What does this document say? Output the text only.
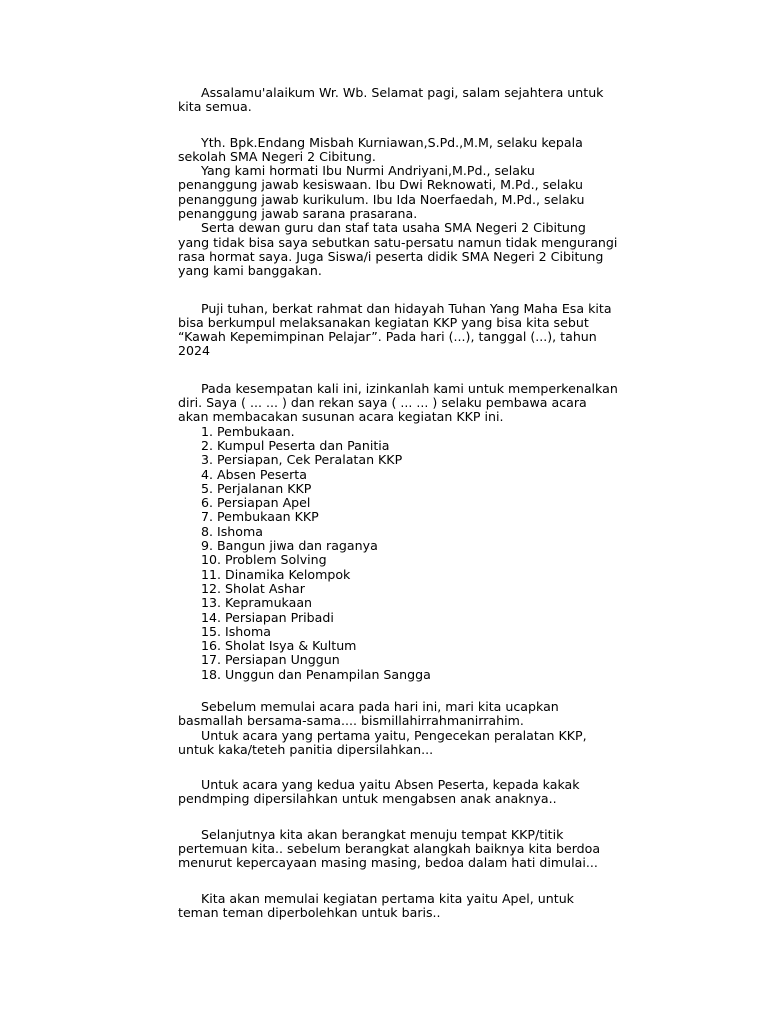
Assalamu'alaikum Wr. Wb. Selamat pagi, salam sejahtera untuk kita semua.

Yth. Bpk.Endang Misbah Kurniawan,S.Pd.,M.M, selaku kepala sekolah SMA Negeri 2 Cibitung.

Yang kami hormati Ibu Nurmi Andriyani,M.Pd., selaku penanggung jawab kesiswaan. Ibu Dwi Reknowati, M.Pd., selaku penanggung jawab kurikulum. Ibu Ida Noerfaedah, M.Pd., selaku penanggung jawab sarana prasarana.

Serta dewan guru dan staf tata usaha SMA Negeri 2 Cibitung yang tidak bisa saya sebutkan satu-persatu namun tidak mengurangi rasa hormat saya. Juga Siswa/i peserta didik SMA Negeri 2 Cibitung yang kami banggakan.

Puji tuhan, berkat rahmat dan hidayah Tuhan Yang Maha Esa kita bisa berkumpul melaksanakan kegiatan KKP yang bisa kita sebut “Kawah Kepemimpinan Pelajar”. Pada hari (...), tanggal (...), tahun 2024

Pada kesempatan kali ini, izinkanlah kami untuk memperkenalkan diri. Saya ( ... ... ) dan rekan saya ( ... ... ) selaku pembawa acara akan membacakan susunan acara kegiatan KKP ini.

1. Pembukaan.
2. Kumpul Peserta dan Panitia
3. Persiapan, Cek Peralatan KKP
4. Absen Peserta
5. Perjalanan KKP
6. Persiapan Apel
7. Pembukaan KKP
8. Ishoma
9. Bangun jiwa dan raganya
10. Problem Solving
11. Dinamika Kelompok
12. Sholat Ashar
13. Kepramukaan
14. Persiapan Pribadi
15. Ishoma
16. Sholat Isya & Kultum
17. Persiapan Unggun
18. Unggun dan Penampilan Sangga

Sebelum memulai acara pada hari ini, mari kita ucapkan basmallah bersama-sama.... bismillahirrahmanirrahim.

Untuk acara yang pertama yaitu, Pengecekan peralatan KKP, untuk kaka/teteh panitia dipersilahkan...

Untuk acara yang kedua yaitu Absen Peserta, kepada kakak pendmping dipersilahkan untuk mengabsen anak anaknya..

Selanjutnya kita akan berangkat menuju tempat KKP/titik pertemuan kita.. sebelum berangkat alangkah baiknya kita berdoa menurut kepercayaan masing masing, bedoa dalam hati dimulai...

Kita akan memulai kegiatan pertama kita yaitu Apel, untuk teman teman diperbolehkan untuk baris..
